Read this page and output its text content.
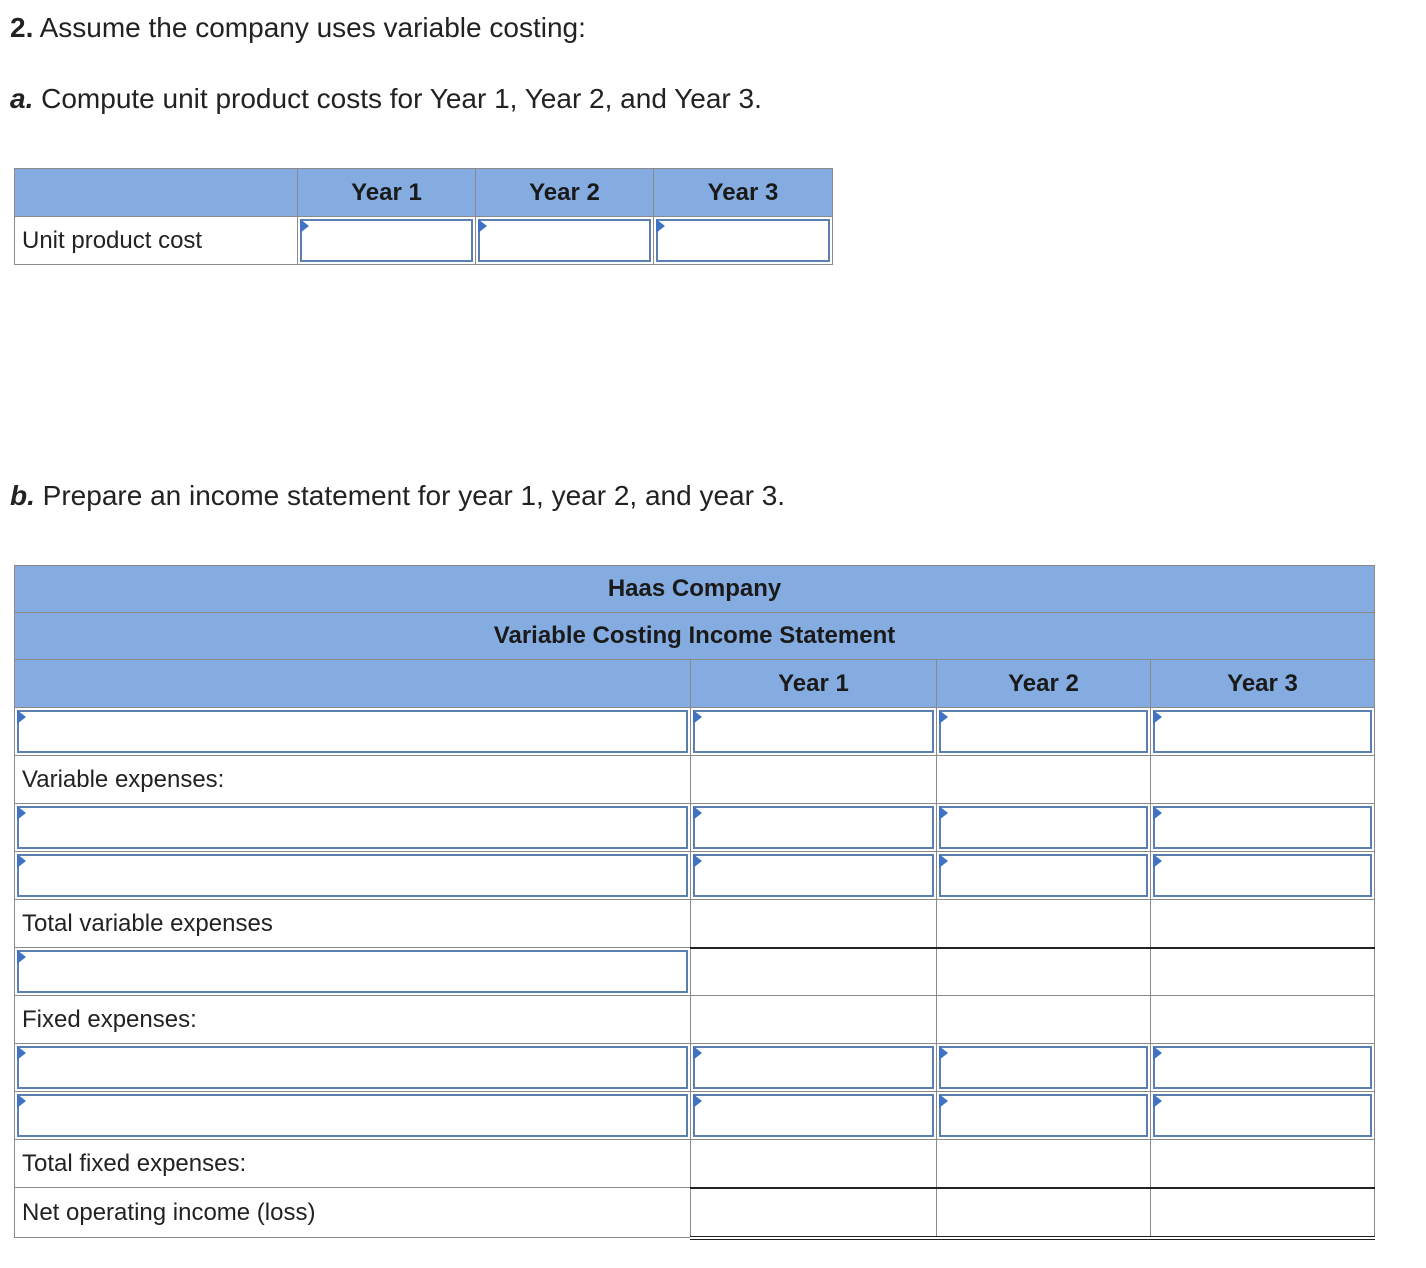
2. Assume the company uses variable costing:
a. Compute unit product costs for Year 1, Year 2, and Year 3.
	Year 1	Year 2	Year 3
Unit product cost	

b. Prepare an income statement for year 1, year 2, and year 3.
Haas Company			
Variable Costing Income Statement			
	Year 1	Year 2	Year 3

Variable expenses:			

Total variable expenses			

Fixed expenses:			

Total fixed expenses:			
Net operating income (loss)			
